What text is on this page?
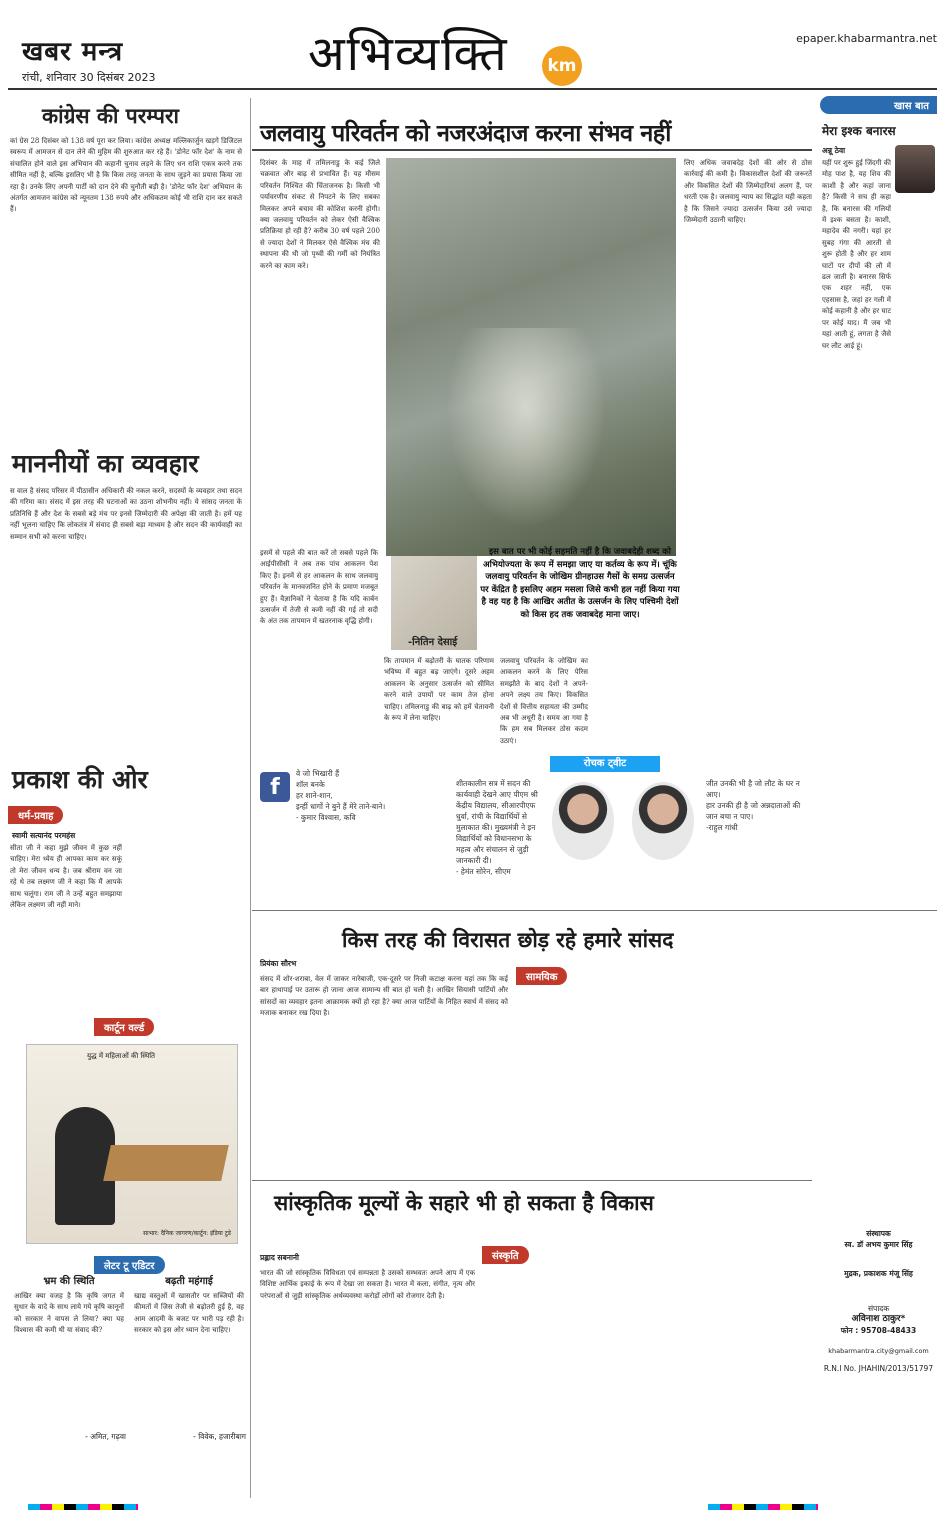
खबर मन्त्र
रांची, शनिवार 30 दिसंबर 2023	अभिव्यक्ति	km
epaper.khabarmantra.net
कांग्रेस की परम्परा
कां ग्रेस 28 दिसंबर को 138 वर्ष पूरा कर लिया। कांग्रेस अध्यक्ष मल्लिकार्जुन खड़गे डिजिटल स्वरूप में आमजन से दान लेने की मुहिम की शुरुआत कर रहे हैं। 'डोनेट फॉर देश' के नाम से संचालित होने वाले इस अभियान की कहानी चुनाव लड़ने के लिए धन राशि एकत्र करने तक सीमित नहीं है, बल्कि इसलिए भी है कि किस तरह जनता के साथ जुड़ने का प्रयास किया जा रहा है। उनके लिए अपनी पार्टी को दान देने की चुनौती बड़ी है। 'डोनेट फॉर देश' अभियान के अंतर्गत आमजन कांग्रेस को न्यूनतम 138 रुपये और अधिकतम कोई भी राशि दान कर सकते हैं।
माननीयों का व्यवहार
स वाल है संसद परिसर में पीठासीन अधिकारी की नकल करने, सदस्यों के व्यवहार तथा सदन की गरिमा का। संसद में इस तरह की घटनाओं का उठना शोभनीय नहीं। ये सांसद जनता के प्रतिनिधि हैं और देश के सबसे बड़े मंच पर इनसे जिम्मेदारी की अपेक्षा की जाती है। हमें यह नहीं भूलना चाहिए कि लोकतंत्र में संवाद ही सबसे बड़ा माध्यम है और सदन की कार्यवाही का सम्मान सभी को करना चाहिए।
प्रकाश की ओर
धर्म-प्रवाह
स्वामी सत्यानंद परमहंस
सीता जी ने कहा मुझे जीवन में कुछ नहीं चाहिए। मेरा ध्येय ही आपका काम कर सकूं तो मेरा जीवन धन्य है। जब श्रीराम वन जा रहे थे तब लक्ष्मण जी ने कहा कि मैं आपके साथ चलूंगा। राम जी ने उन्हें बहुत समझाया लेकिन लक्ष्मण जी नहीं माने।
कार्टून वर्ल्ड
युद्ध में महिलाओं की स्थिति
साभार: दैनिक जागरण/कार्टून: इंडिया टुडे
लेटर टू एडिटर
भ्रम की स्थिति
आखिर क्या वजह है कि कृषि जगत में सुधार के वादे के साथ लाये गये कृषि कानूनों को सरकार ने वापस ले लिया? क्या यह विश्वास की कमी थी या संवाद की?
- अमित, गढ़वा
बढ़ती महंगाई
खाद्य वस्तुओं में खासतौर पर सब्जियों की कीमतों में जिस तेजी से बढ़ोतरी हुई है, वह आम आदमी के बजट पर भारी पड़ रही है। सरकार को इस ओर ध्यान देना चाहिए।
- विवेक, हजारीबाग
जलवायु परिवर्तन को नजरअंदाज करना संभव नहीं
दिसंबर के माह में तमिलनाडु के कई जिले चक्रवात और बाढ़ से प्रभावित हैं। यह मौसम परिवर्तन निश्चित की चिंताजनक है। किसी भी पर्यावरणीय संकट से निपटने के लिए सबका मिलकर अपने बचाव की कोशिश करनी होगी। क्या जलवायु परिवर्तन को लेकर ऐसी वैश्विक प्रतिक्रिया हो रही है? करीब 30 वर्ष पहले 200 से ज्यादा देशों ने मिलकर ऐसे वैश्विक मंच की स्थापना की थी जो पृथ्वी की गर्मी को नियंत्रित करने का काम करे।
इसमें से पहले की बात करें तो सबसे पहले कि आईपीसीसी ने अब तक पांच आकलन पेश किए हैं। इनमें से हर आकलन के साथ जलवायु परिवर्तन के मानवजनित होने के प्रमाण मजबूत हुए हैं। वैज्ञानिकों ने चेताया है कि यदि कार्बन उत्सर्जन में तेजी से कमी नहीं की गई तो सदी के अंत तक तापमान में खतरनाक वृद्धि होगी।
-नितिन देसाई
इस बात पर भी कोई सहमति नहीं है कि जवाबदेही शब्द को अभियोज्यता के रूप में समझा जाए या कर्तव्य के रूप में। चूंकि जलवायु परिवर्तन के जोखिम ग्रीनहाउस गैसों के समग्र उत्सर्जन पर केंद्रित है इसलिए अहम मसला जिसे कभी हल नहीं किया गया है वह यह है कि आखिर अतीत के उत्सर्जन के लिए पश्चिमी देशों को किस हद तक जवाबदेह माना जाए।
कि तापमान में बढ़ोतरी के घातक परिणाम भविष्य में बहुत बढ़ जाएंगे। दूसरे अहम आकलन के अनुसार उत्सर्जन को सीमित करने वाले उपायों पर काम तेज होना चाहिए। तमिलनाडु की बाढ़ को हमें चेतावनी के रूप में लेना चाहिए।
जलवायु परिवर्तन के जोखिम का आकलन करने के लिए पेरिस समझौते के बाद देशों ने अपने-अपने लक्ष्य तय किए। विकसित देशों से वित्तीय सहायता की उम्मीद अब भी अधूरी है। समय आ गया है कि हम सब मिलकर ठोस कदम उठाएं।
लिए अधिक जवाबदेह देशों की ओर से ठोस कार्रवाई की कमी है। विकासशील देशों की जरूरतें और विकसित देशों की जिम्मेदारियां अलग हैं, पर धरती एक है। जलवायु न्याय का सिद्धांत यही कहता है कि जिसने ज्यादा उत्सर्जन किया उसे ज्यादा जिम्मेदारी उठानी चाहिए।
f
वे जो भिखारी हैं
शॉल बनके
हर शाने-शान,
इन्हीं धागों ने बुने हैं मेरे ताने-बाने।
- कुमार विश्वास, कवि
रोचक ट्वीट
शीतकालीन सत्र में सदन की कार्यवाही देखने आए पीएम श्री केंद्रीय विद्यालय, सीआरपीएफ धुर्वा, रांची के विद्यार्थियों से मुलाकात की। मुख्यमंत्री ने इन विद्यार्थियों को विधानसभा के महत्व और संचालन से जुड़ी जानकारी दी।
- हेमंत सोरेन, सीएम
जीत उनकी भी है जो लौट के घर न आए।
हार उनकी ही है जो अन्नदाताओं की जान बचा न पाए।
-राहुल गांधी
खास बात
मेरा इश्क बनारस
अन्नू ठेवा
यहीं पर शुरू हुई जिंदगी की मोह पाश है, यह शिव की काशी है और कहां जाना है? किसी ने सच ही कहा है, कि बनारस की गलियों में इश्क बसता है। काशी, महादेव की नगरी। यहां हर सुबह गंगा की आरती से शुरू होती है और हर शाम घाटों पर दीपों की लौ में ढल जाती है। बनारस सिर्फ एक शहर नहीं, एक एहसास है, जहां हर गली में कोई कहानी है और हर घाट पर कोई याद। मैं जब भी यहां आती हूं, लगता है जैसे घर लौट आई हूं।
किस तरह की विरासत छोड़ रहे हमारे सांसद
प्रियंका सौरभ
सामयिक
संसद में शोर-शराबा, वेल में जाकर नारेबाजी, एक-दूसरे पर निजी कटाक्ष करना यहां तक कि कई बार हाथापाई पर उतारू हो जाना आज सामान्य सी बात हो चली है। आखिर सियासी पार्टियों और सांसदों का व्यवहार इतना आक्रामक क्यों हो रहा है? क्या आज पार्टियों के निहित स्वार्थ में संसद को मजाक बनाकर रख दिया है।
सांस्कृतिक मूल्यों के सहारे भी हो सकता है विकास
प्रह्लाद सबनानी	संस्कृति
भारत की जो सांस्कृतिक विविधता एवं सम्पन्नता है उसको सम्भवतः अपने आप में एक विशिष्ट आर्थिक इकाई के रूप में देखा जा सकता है। भारत में कला, संगीत, नृत्य और परंपराओं से जुड़ी सांस्कृतिक अर्थव्यवस्था करोड़ों लोगों को रोजगार देती है।
संस्थापक
स्व. डॉ अभय कुमार सिंह
मुद्रक, प्रकाशक मंजू सिंह
संपादक
अविनाश ठाकुर*
फोन : 95708-48433
khabarmantra.city@gmail.com
R.N.I No. JHAHIN/2013/51797
